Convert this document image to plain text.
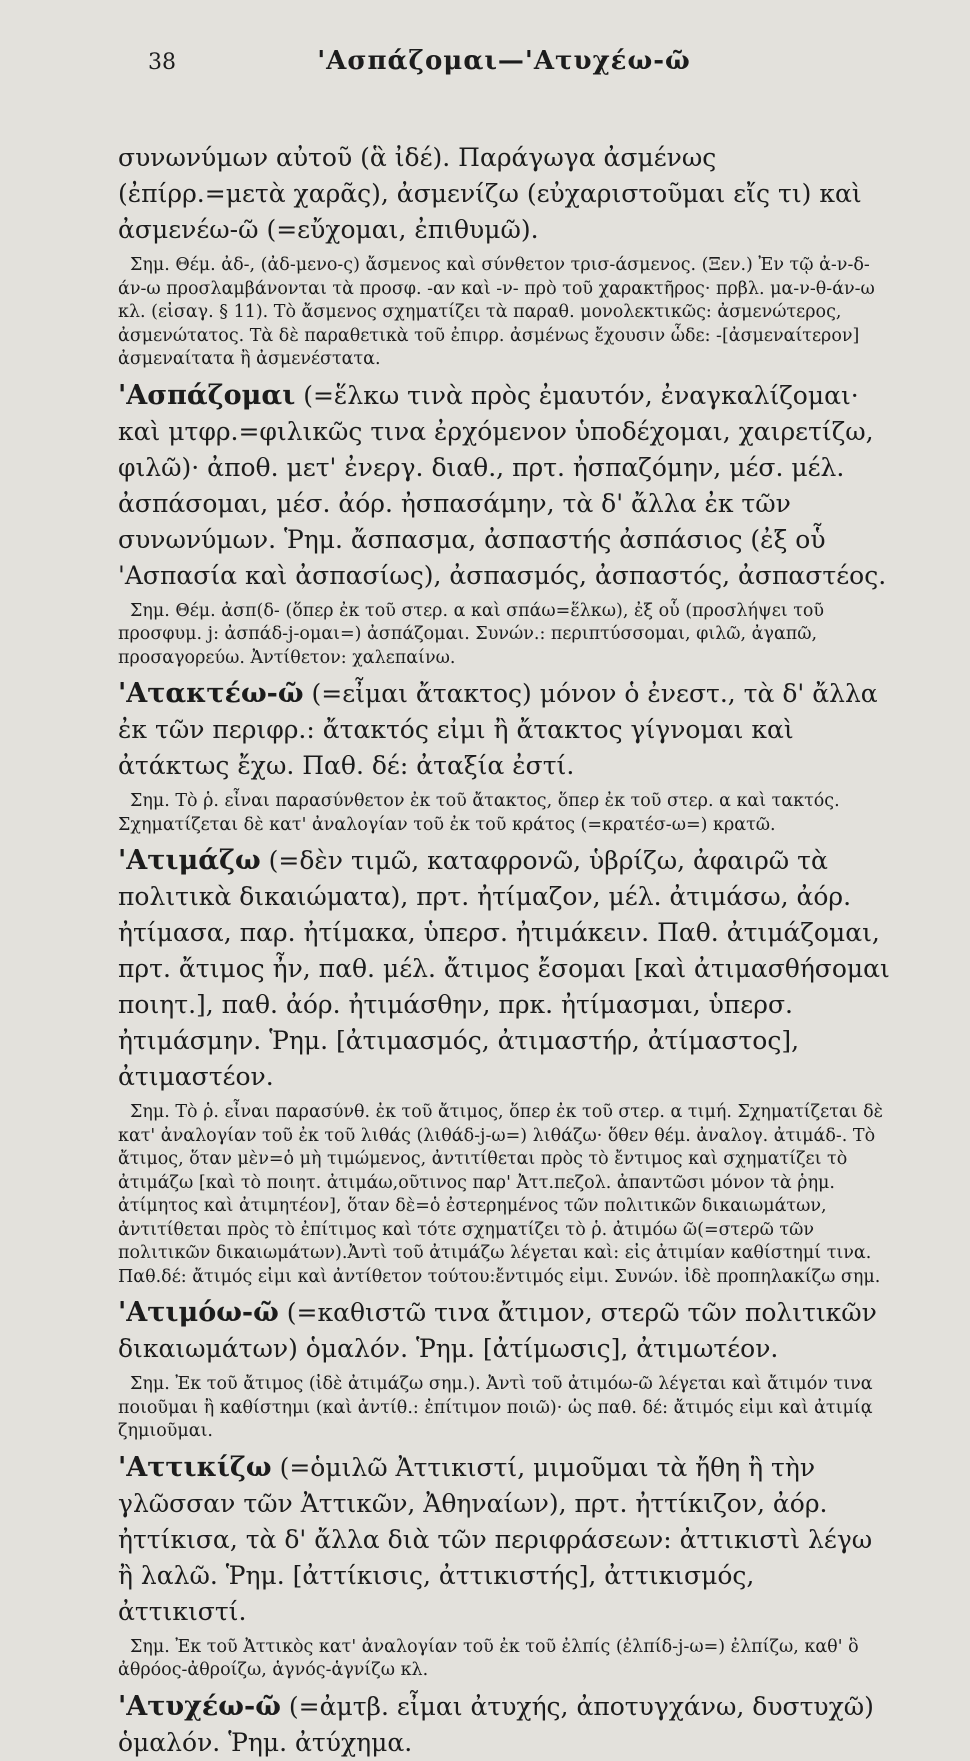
38	'Ασπάζομαι—'Ατυχέω-ῶ

συνωνύμων αὐτοῦ (ἃ ἰδέ). Παράγωγα ἀσμένως (ἐπίρρ.=μετὰ χαρᾶς), ἀσμενίζω (εὐχαριστοῦμαι εἴς τι) καὶ ἀσμενέω-ῶ (=εὔχομαι, ἐπιθυμῶ).

Σημ. Θέμ. ἀδ-, (ἀδ-μενο-ς) ἄσμενος καὶ σύνθετον τρισ-άσμενος. (Ξεν.) Ἐν τῷ ἀ-ν-δ-άν-ω προσλαμβάνονται τὰ προσφ. -αν καὶ -ν- πρὸ τοῦ χαρακτῆρος· πρβλ. μα-ν-θ-άν-ω κλ. (εἰσαγ. § 11). Τὸ ἄσμενος σχηματίζει τὰ παραθ. μονολεκτικῶς: ἀσμενώτερος, ἀσμενώτατος. Τὰ δὲ παραθετικὰ τοῦ ἐπιρρ. ἀσμένως ἔχουσιν ὧδε: -[ἀσμεναίτερον] ἀσμεναίτατα ἢ ἀσμενέστατα.

'Ασπάζομαι (=ἕλκω τινὰ πρὸς ἐμαυτόν, ἐναγκαλίζομαι· καὶ μτφρ.=φιλικῶς τινα ἐρχόμενον ὑποδέχομαι, χαιρετίζω, φιλῶ)· ἀποθ. μετ' ἐνεργ. διαθ., πρτ. ἠσπαζόμην, μέσ. μέλ. ἀσπάσομαι, μέσ. ἀόρ. ἠσπασάμην, τὰ δ' ἄλλα ἐκ τῶν συνωνύμων. Ῥημ. ἄσπασμα, ἀσπαστής ἀσπάσιος (ἐξ οὗ 'Ασπασία καὶ ἀσπασίως), ἀσπασμός, ἀσπαστός, ἀσπαστέος.

Σημ. Θέμ. ἀσπ(δ- (ὅπερ ἐκ τοῦ στερ. α καὶ σπάω=ἕλκω), ἐξ οὗ (προσλήψει τοῦ προσφυμ. j: ἀσπάδ-j-ομαι=) ἀσπάζομαι. Συνών.: περιπτύσσομαι, φιλῶ, ἀγαπῶ, προσαγορεύω. Ἀντίθετον: χαλεπαίνω.

'Ατακτέω-ῶ (=εἶμαι ἄτακτος) μόνον ὁ ἐνεστ., τὰ δ' ἄλλα ἐκ τῶν περιφρ.: ἄτακτός εἰμι ἢ ἄτακτος γίγνομαι καὶ ἀτάκτως ἔχω. Παθ. δέ: ἀταξία ἐστί.

Σημ. Τὸ ῥ. εἶναι παρασύνθετον ἐκ τοῦ ἄτακτος, ὅπερ ἐκ τοῦ στερ. α καὶ τακτός. Σχηματίζεται δὲ κατ' ἀναλογίαν τοῦ ἐκ τοῦ κράτος (=κρατέσ-ω=) κρατῶ.

'Ατιμάζω (=δὲν τιμῶ, καταφρονῶ, ὑβρίζω, ἀφαιρῶ τὰ πολιτικὰ δικαιώματα), πρτ. ἠτίμαζον, μέλ. ἀτιμάσω, ἀόρ. ἠτίμασα, παρ. ἠτίμακα, ὑπερσ. ἠτιμάκειν. Παθ. ἀτιμάζομαι, πρτ. ἄτιμος ἦν, παθ. μέλ. ἄτιμος ἔσομαι [καὶ ἀτιμασθήσομαι ποιητ.], παθ. ἀόρ. ἠτιμάσθην, πρκ. ἠτίμασμαι, ὑπερσ. ἠτιμάσμην. Ῥημ. [ἀτιμασμός, ἀτιμαστήρ, ἀτίμαστος], ἀτιμαστέον.

Σημ. Τὸ ῥ. εἶναι παρασύνθ. ἐκ τοῦ ἄτιμος, ὅπερ ἐκ τοῦ στερ. α τιμή. Σχηματίζεται δὲ κατ' ἀναλογίαν τοῦ ἐκ τοῦ λιθάς (λιθάδ-j-ω=) λιθάζω· ὅθεν θέμ. ἀναλογ. ἀτιμάδ-. Τὸ ἄτιμος, ὅταν μὲν=ὁ μὴ τιμώμενος, ἀντιτίθεται πρὸς τὸ ἔντιμος καὶ σχηματίζει τὸ ἀτιμάζω [καὶ τὸ ποιητ. ἀτιμάω,οῦτινος παρ' Ἀττ.πεζολ. ἀπαντῶσι μόνον τὰ ῥημ. ἀτίμητος καὶ ἀτιμητέον], ὅταν δὲ=ὁ ἐστερημένος τῶν πολιτικῶν δικαιωμάτων, ἀντιτίθεται πρὸς τὸ ἐπίτιμος καὶ τότε σχηματίζει τὸ ῥ. ἀτιμόω ῶ(=στερῶ τῶν πολιτικῶν δικαιωμάτων).Ἀντὶ τοῦ ἀτιμάζω λέγεται καὶ: εἰς ἀτιμίαν καθίστημί τινα. Παθ.δέ: ἄτιμός εἰμι καὶ ἀντίθετον τούτου:ἔντιμός εἰμι. Συνών. ἰδὲ προπηλακίζω σημ.

'Ατιμόω-ῶ (=καθιστῶ τινα ἄτιμον, στερῶ τῶν πολιτικῶν δικαιωμάτων) ὁμαλόν. Ῥημ. [ἀτίμωσις], ἀτιμωτέον.

Σημ. Ἐκ τοῦ ἄτιμος (ἰδὲ ἀτιμάζω σημ.). Ἀντὶ τοῦ ἀτιμόω-ῶ λέγεται καὶ ἄτιμόν τινα ποιοῦμαι ἢ καθίστημι (καὶ ἀντίθ.: ἐπίτιμον ποιῶ)· ὡς παθ. δέ: ἄτιμός εἰμι καὶ ἀτιμίᾳ ζημιοῦμαι.

'Αττικίζω (=ὁμιλῶ Ἀττικιστί, μιμοῦμαι τὰ ἤθη ἢ τὴν γλῶσσαν τῶν Ἀττικῶν, Ἀθηναίων), πρτ. ἠττίκιζον, ἀόρ. ἠττίκισα, τὰ δ' ἄλλα διὰ τῶν περιφράσεων: ἀττικιστὶ λέγω ἢ λαλῶ. Ῥημ. [ἀττίκισις, ἀττικιστής], ἀττικισμός, ἀττικιστί.

Σημ. Ἐκ τοῦ Ἀττικὸς κατ' ἀναλογίαν τοῦ ἐκ τοῦ ἐλπίς (ἐλπίδ-j-ω=) ἐλπίζω, καθ' ὃ ἀθρόος-ἀθροίζω, ἁγνός-ἁγνίζω κλ.

'Ατυχέω-ῶ (=ἀμτβ. εἶμαι ἀτυχής, ἀποτυγχάνω, δυστυχῶ) ὁμαλόν. Ῥημ. ἀτύχημα.
